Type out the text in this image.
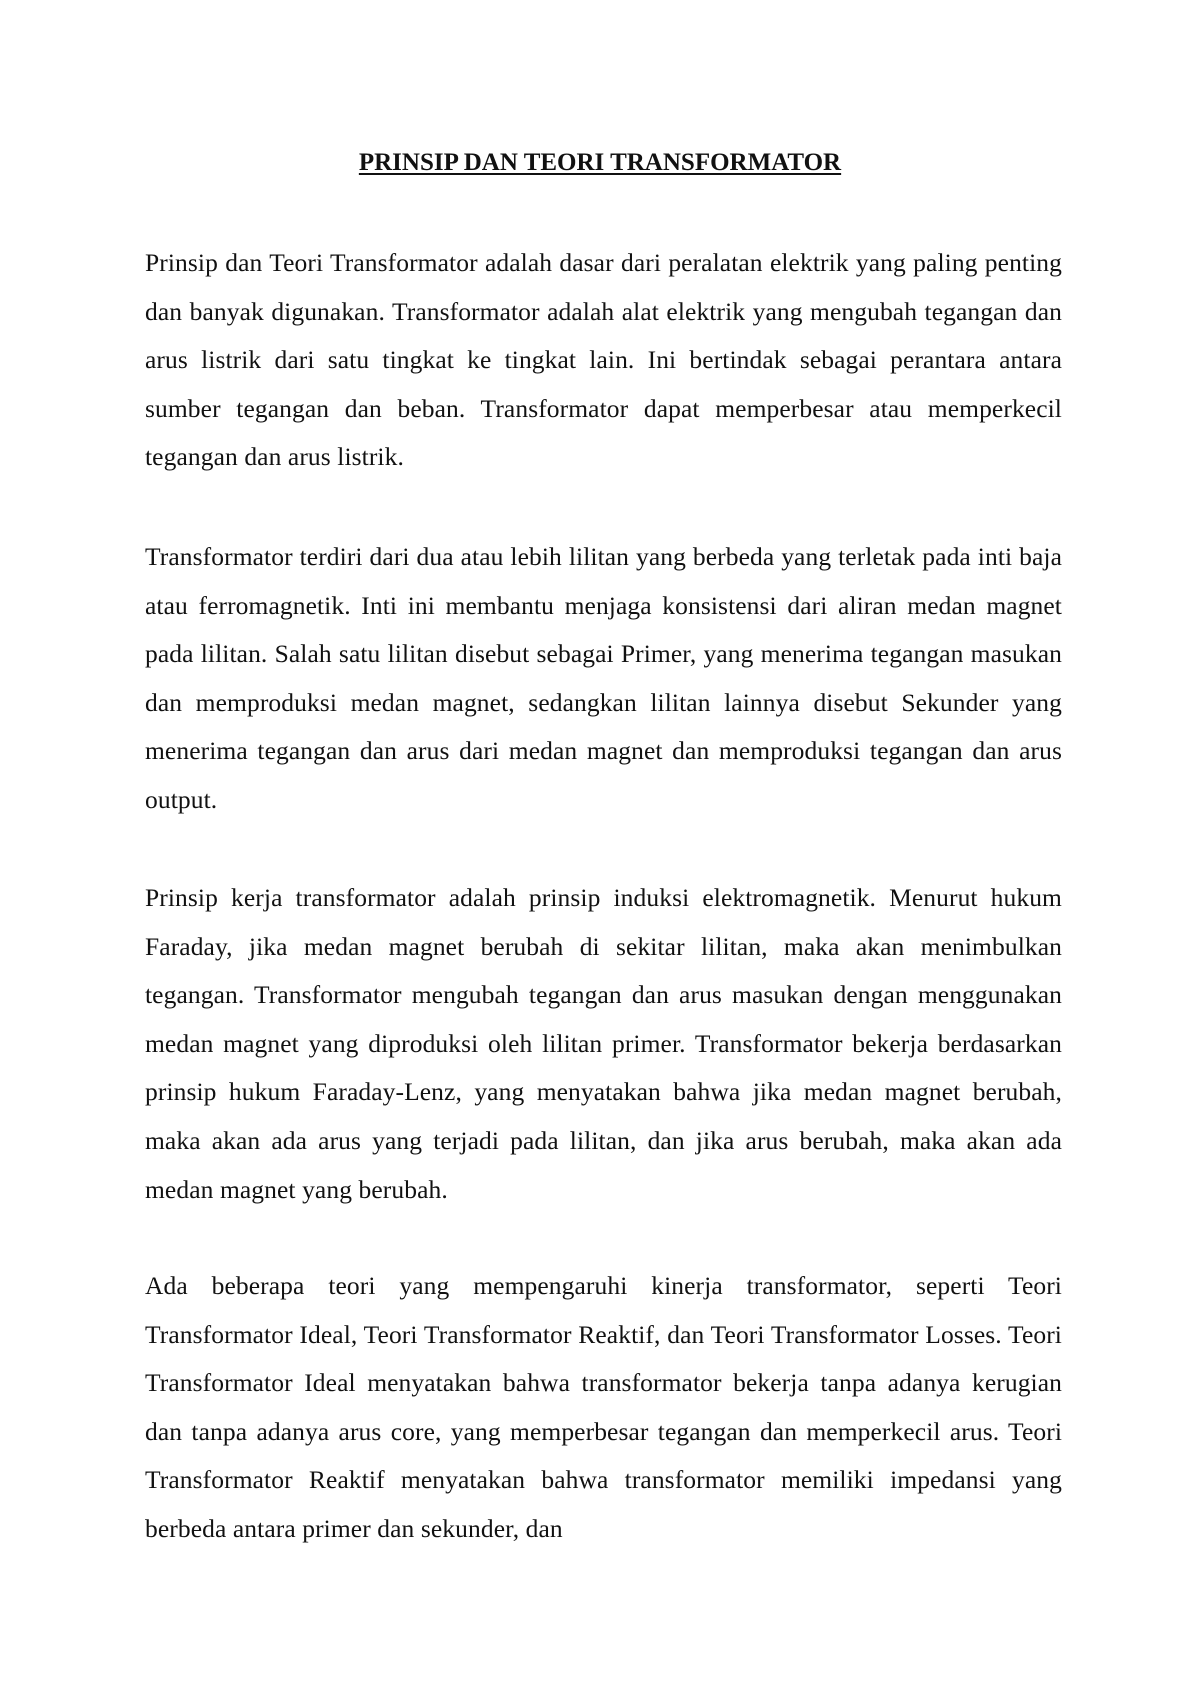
PRINSIP DAN TEORI TRANSFORMATOR

Prinsip dan Teori Transformator adalah dasar dari peralatan elektrik yang paling penting dan banyak digunakan. Transformator adalah alat elektrik yang mengubah tegangan dan arus listrik dari satu tingkat ke tingkat lain. Ini bertindak sebagai perantara antara sumber tegangan dan beban. Transformator dapat memperbesar atau memperkecil tegangan dan arus listrik.

Transformator terdiri dari dua atau lebih lilitan yang berbeda yang terletak pada inti baja atau ferromagnetik. Inti ini membantu menjaga konsistensi dari aliran medan magnet pada lilitan. Salah satu lilitan disebut sebagai Primer, yang menerima tegangan masukan dan memproduksi medan magnet, sedangkan lilitan lainnya disebut Sekunder yang menerima tegangan dan arus dari medan magnet dan memproduksi tegangan dan arus output.

Prinsip kerja transformator adalah prinsip induksi elektromagnetik. Menurut hukum Faraday, jika medan magnet berubah di sekitar lilitan, maka akan menimbulkan tegangan. Transformator mengubah tegangan dan arus masukan dengan menggunakan medan magnet yang diproduksi oleh lilitan primer. Transformator bekerja berdasarkan prinsip hukum Faraday-Lenz, yang menyatakan bahwa jika medan magnet berubah, maka akan ada arus yang terjadi pada lilitan, dan jika arus berubah, maka akan ada medan magnet yang berubah.

Ada beberapa teori yang mempengaruhi kinerja transformator, seperti Teori Transformator Ideal, Teori Transformator Reaktif, dan Teori Transformator Losses. Teori Transformator Ideal menyatakan bahwa transformator bekerja tanpa adanya kerugian dan tanpa adanya arus core, yang memperbesar tegangan dan memperkecil arus. Teori Transformator Reaktif menyatakan bahwa transformator memiliki impedansi yang berbeda antara primer dan sekunder, dan
